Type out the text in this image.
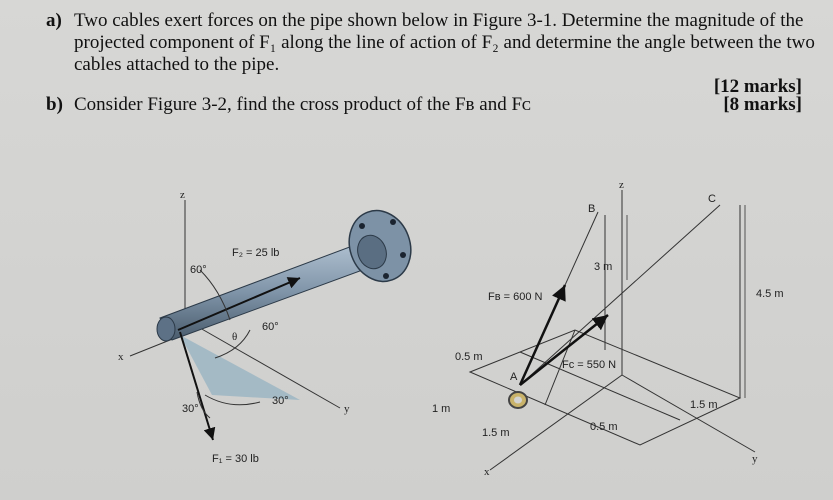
a) Two cables exert forces on the pipe shown below in Figure 3-1. Determine the magnitude of the
projected component of F₁ along the line of action of F₂ and determine the angle between the two
cables attached to the pipe.
[12 marks]
b) Consider Figure 3-2, find the cross product of the Fʙ and Fᴄ	[8 marks]
z
x
y
F₂ = 25 lb
F₁ = 30 lb
60°
60°
θ
30°
30°
z
x
y
B
C
A
Fʙ = 600 N
Fᴄ = 550 N
3 m
4.5 m
0.5 m
1 m
1.5 m	0.5 m
1.5 m
